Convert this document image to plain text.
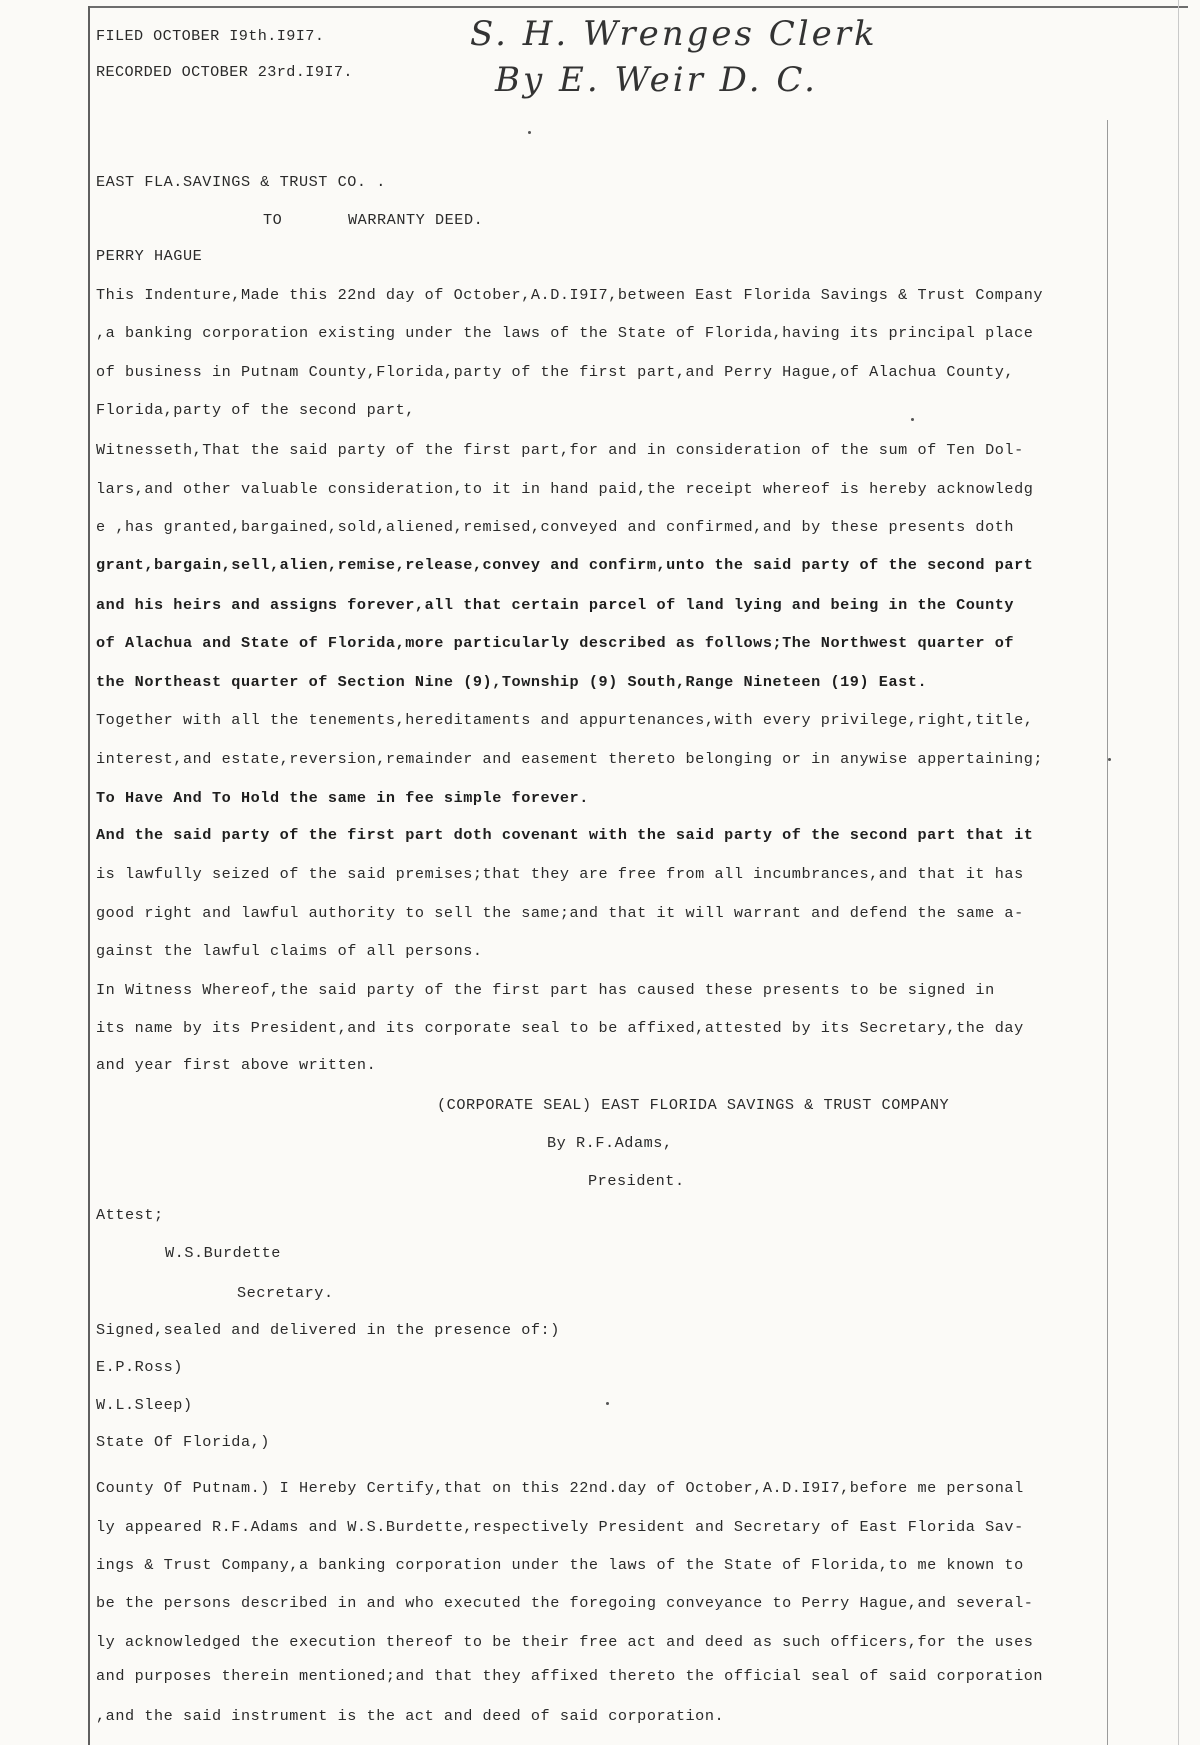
FILED OCTOBER I9th.I9I7.
RECORDED OCTOBER 23rd.I9I7.
S. H. Wrenges Clerk
By E. Weir D. C.
EAST FLA.SAVINGS & TRUST CO. .
TO	WARRANTY DEED.
PERRY HAGUE
This Indenture,Made this 22nd day of October,A.D.I9I7,between East Florida Savings & Trust Company
,a banking corporation existing under the laws of the State of Florida,having its principal place
of business in Putnam County,Florida,party of the first part,and Perry Hague,of Alachua County,
Florida,party of the second part,
Witnesseth,That the said party of the first part,for and in consideration of the sum of Ten Dol-
lars,and other valuable consideration,to it in hand paid,the receipt whereof is hereby acknowledg
e ,has granted,bargained,sold,aliened,remised,conveyed and confirmed,and by these presents doth
grant,bargain,sell,alien,remise,release,convey and confirm,unto the said party of the second part
and his heirs and assigns forever,all that certain parcel of land lying and being in the County
of Alachua and State of Florida,more particularly described as follows;The Northwest quarter of
the Northeast quarter of Section Nine (9),Township (9) South,Range Nineteen (19) East.
Together with all the tenements,hereditaments and appurtenances,with every privilege,right,title,
interest,and estate,reversion,remainder and easement thereto belonging or in anywise appertaining;
To Have And To Hold the same in fee simple forever.
And the said party of the first part doth covenant with the said party of the second part that it
is lawfully seized of the said premises;that they are free from all incumbrances,and that it has
good right and lawful authority to sell the same;and that it will warrant and defend the same a-
gainst the lawful claims of all persons.
In Witness Whereof,the said party of the first part has caused these presents to be signed in
its name by its President,and its corporate seal to be affixed,attested by its Secretary,the day
and year first above written.
(CORPORATE SEAL) EAST FLORIDA SAVINGS & TRUST COMPANY
By R.F.Adams,
President.
Attest;
W.S.Burdette
Secretary.
Signed,sealed and delivered in the presence of:)
E.P.Ross)
W.L.Sleep)
State Of Florida,)
County Of Putnam.) I Hereby Certify,that on this 22nd.day of October,A.D.I9I7,before me personal
ly appeared R.F.Adams and W.S.Burdette,respectively President and Secretary of East Florida Sav-
ings & Trust Company,a banking corporation under the laws of the State of Florida,to me known to
be the persons described in and who executed the foregoing conveyance to Perry Hague,and several-
ly acknowledged the execution thereof to be their free act and deed as such officers,for the uses
and purposes therein mentioned;and that they affixed thereto the official seal of said corporation
,and the said instrument is the act and deed of said corporation.
